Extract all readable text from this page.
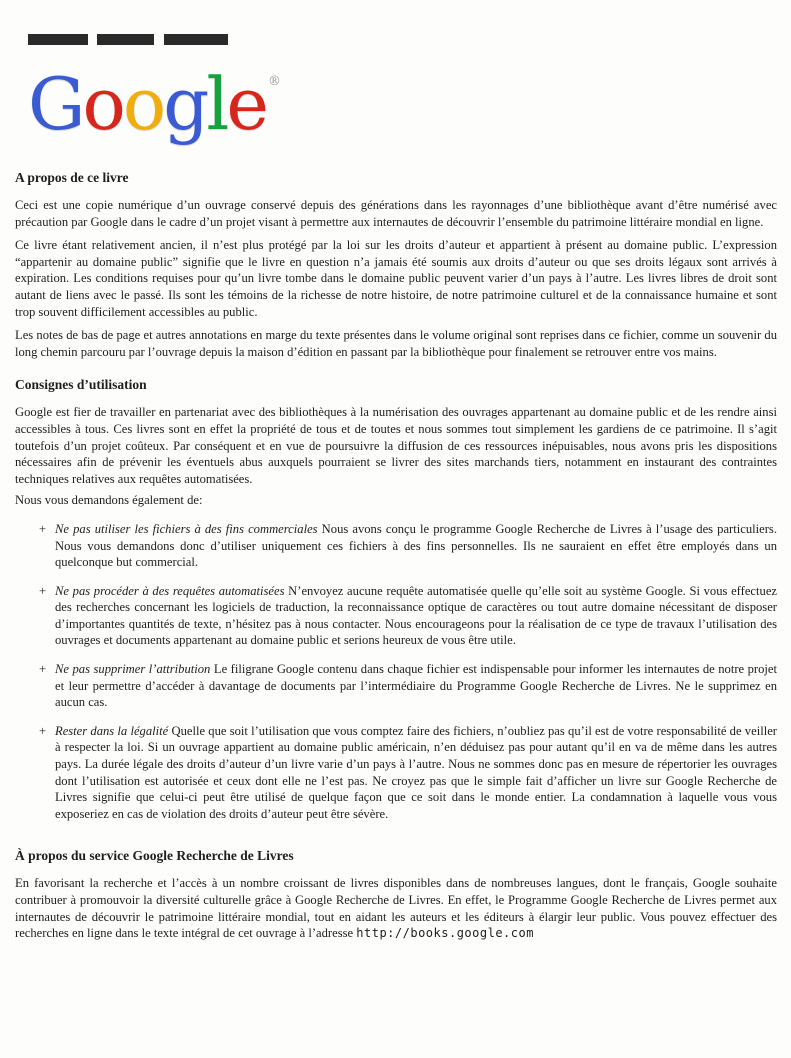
Google ®
A propos de ce livre

Ceci est une copie numérique d’un ouvrage conservé depuis des générations dans les rayonnages d’une bibliothèque avant d’être numérisé avec précaution par Google dans le cadre d’un projet visant à permettre aux internautes de découvrir l’ensemble du patrimoine littéraire mondial en ligne.

Ce livre étant relativement ancien, il n’est plus protégé par la loi sur les droits d’auteur et appartient à présent au domaine public. L’expression “appartenir au domaine public” signifie que le livre en question n’a jamais été soumis aux droits d’auteur ou que ses droits légaux sont arrivés à expiration. Les conditions requises pour qu’un livre tombe dans le domaine public peuvent varier d’un pays à l’autre. Les livres libres de droit sont autant de liens avec le passé. Ils sont les témoins de la richesse de notre histoire, de notre patrimoine culturel et de la connaissance humaine et sont trop souvent difficilement accessibles au public.

Les notes de bas de page et autres annotations en marge du texte présentes dans le volume original sont reprises dans ce fichier, comme un souvenir du long chemin parcouru par l’ouvrage depuis la maison d’édition en passant par la bibliothèque pour finalement se retrouver entre vos mains.

Consignes d’utilisation

Google est fier de travailler en partenariat avec des bibliothèques à la numérisation des ouvrages appartenant au domaine public et de les rendre ainsi accessibles à tous. Ces livres sont en effet la propriété de tous et de toutes et nous sommes tout simplement les gardiens de ce patrimoine. Il s’agit toutefois d’un projet coûteux. Par conséquent et en vue de poursuivre la diffusion de ces ressources inépuisables, nous avons pris les dispositions nécessaires afin de prévenir les éventuels abus auxquels pourraient se livrer des sites marchands tiers, notamment en instaurant des contraintes techniques relatives aux requêtes automatisées.

Nous vous demandons également de:

+ Ne pas utiliser les fichiers à des fins commerciales Nous avons conçu le programme Google Recherche de Livres à l’usage des particuliers. Nous vous demandons donc d’utiliser uniquement ces fichiers à des fins personnelles. Ils ne sauraient en effet être employés dans un quelconque but commercial.
+ Ne pas procéder à des requêtes automatisées N’envoyez aucune requête automatisée quelle qu’elle soit au système Google. Si vous effectuez des recherches concernant les logiciels de traduction, la reconnaissance optique de caractères ou tout autre domaine nécessitant de disposer d’importantes quantités de texte, n’hésitez pas à nous contacter. Nous encourageons pour la réalisation de ce type de travaux l’utilisation des ouvrages et documents appartenant au domaine public et serions heureux de vous être utile.
+ Ne pas supprimer l’attribution Le filigrane Google contenu dans chaque fichier est indispensable pour informer les internautes de notre projet et leur permettre d’accéder à davantage de documents par l’intermédiaire du Programme Google Recherche de Livres. Ne le supprimez en aucun cas.
+ Rester dans la légalité Quelle que soit l’utilisation que vous comptez faire des fichiers, n’oubliez pas qu’il est de votre responsabilité de veiller à respecter la loi. Si un ouvrage appartient au domaine public américain, n’en déduisez pas pour autant qu’il en va de même dans les autres pays. La durée légale des droits d’auteur d’un livre varie d’un pays à l’autre. Nous ne sommes donc pas en mesure de répertorier les ouvrages dont l’utilisation est autorisée et ceux dont elle ne l’est pas. Ne croyez pas que le simple fait d’afficher un livre sur Google Recherche de Livres signifie que celui-ci peut être utilisé de quelque façon que ce soit dans le monde entier. La condamnation à laquelle vous vous exposeriez en cas de violation des droits d’auteur peut être sévère.
À propos du service Google Recherche de Livres

En favorisant la recherche et l’accès à un nombre croissant de livres disponibles dans de nombreuses langues, dont le français, Google souhaite contribuer à promouvoir la diversité culturelle grâce à Google Recherche de Livres. En effet, le Programme Google Recherche de Livres permet aux internautes de découvrir le patrimoine littéraire mondial, tout en aidant les auteurs et les éditeurs à élargir leur public. Vous pouvez effectuer des recherches en ligne dans le texte intégral de cet ouvrage à l’adresse http://books.google.com
